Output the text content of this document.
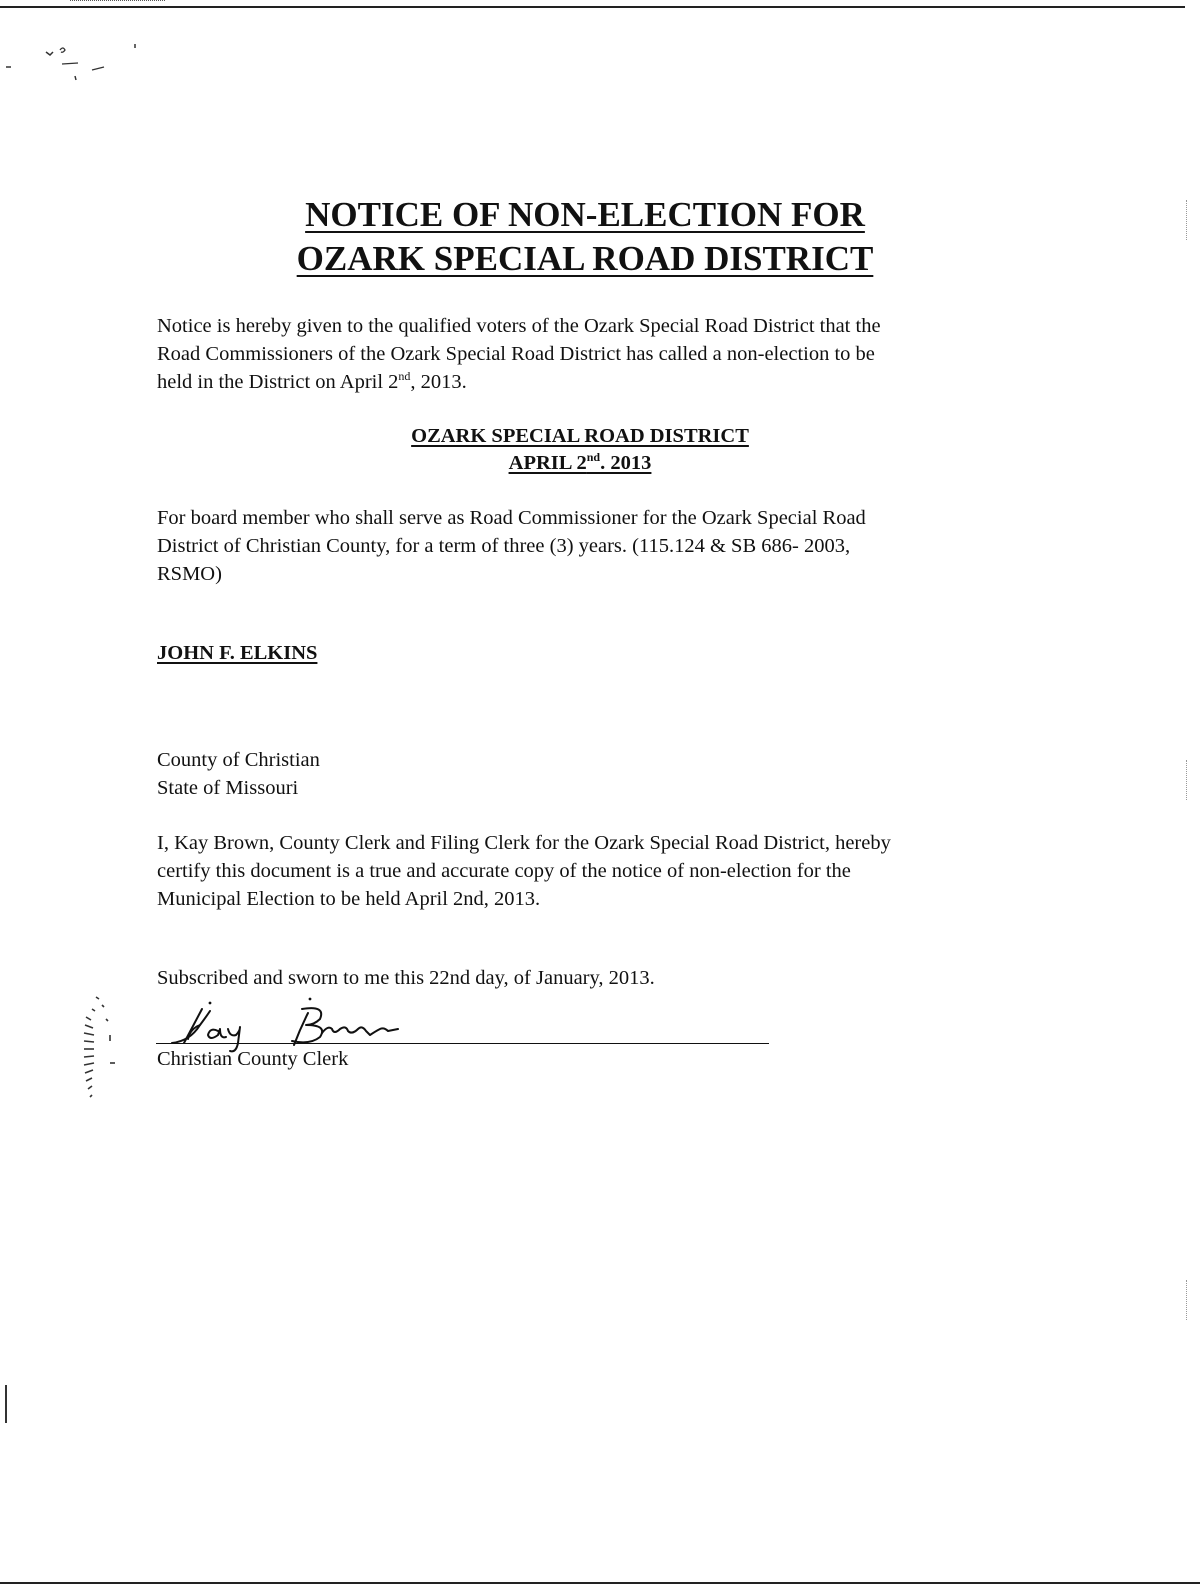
NOTICE OF NON-ELECTION FOR
OZARK SPECIAL ROAD DISTRICT

Notice is hereby given to the qualified voters of the Ozark Special Road District that the
Road Commissioners of the Ozark Special Road District has called a non-election to be
held in the District on April 2nd, 2013.

OZARK SPECIAL ROAD DISTRICT
APRIL 2nd. 2013

For board member who shall serve as Road Commissioner for the Ozark Special Road
District of Christian County, for a term of three (3) years. (115.124 & SB 686- 2003,
RSMO)

JOHN F. ELKINS

County of Christian
State of Missouri

I, Kay Brown, County Clerk and Filing Clerk for the Ozark Special Road District, hereby
certify this document is a true and accurate copy of the notice of non-election for the
Municipal Election to be held April 2nd, 2013.

Subscribed and sworn to me this 22nd day, of January, 2013.

Christian County Clerk
